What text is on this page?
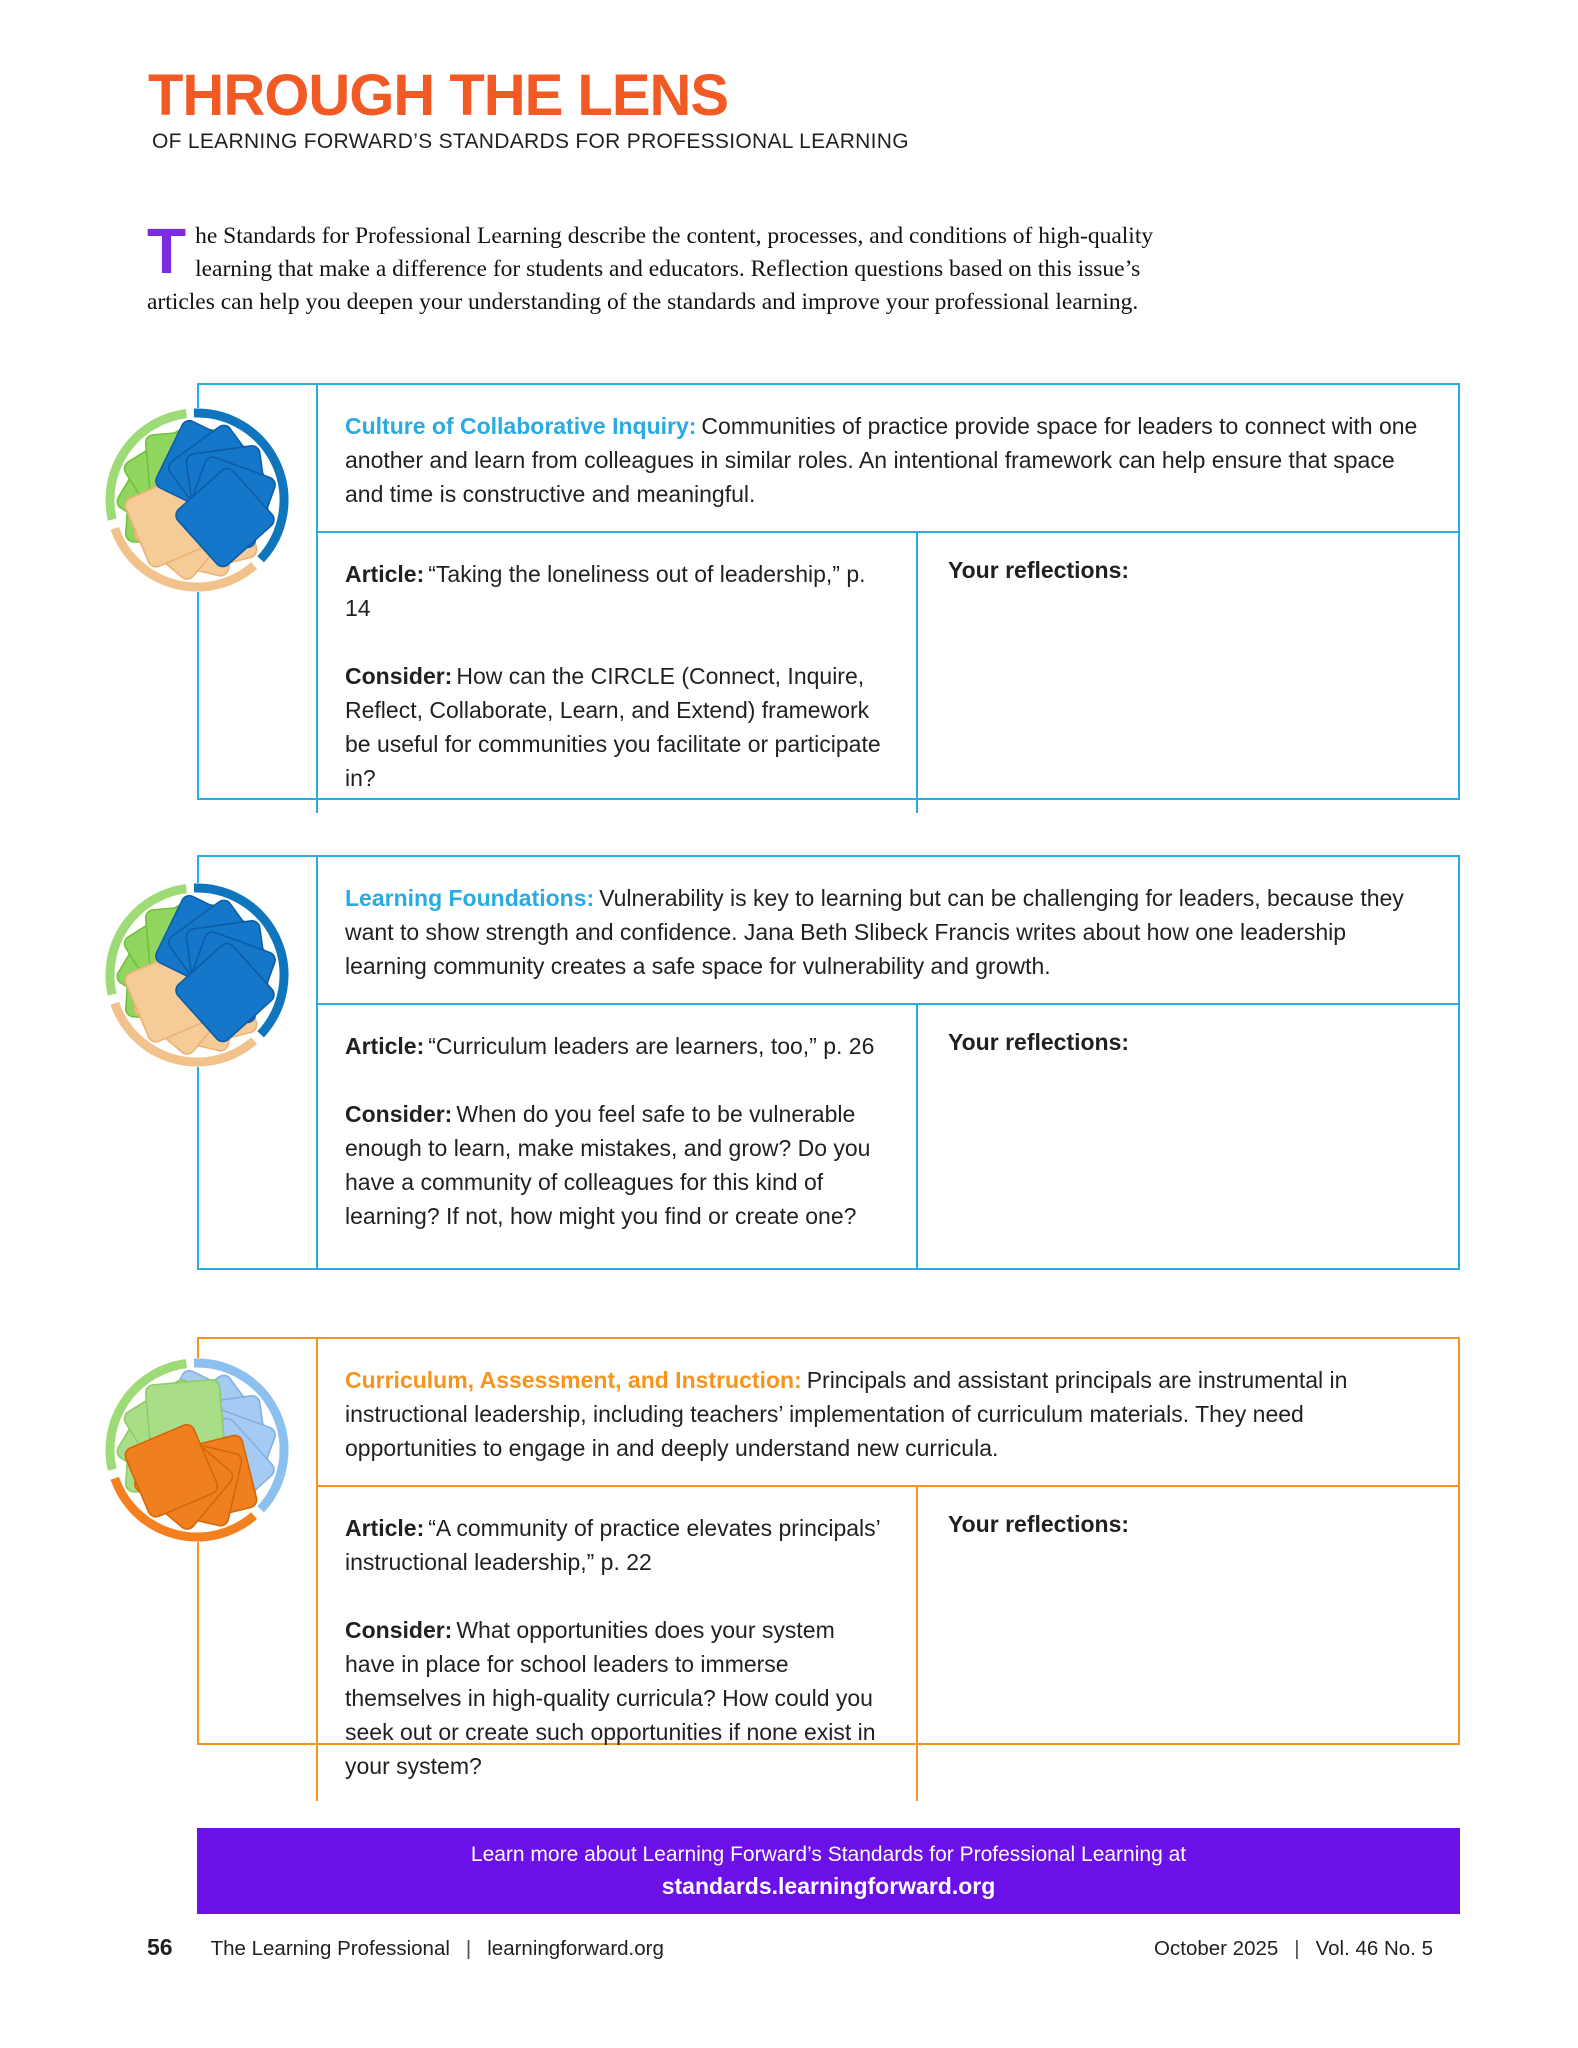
THROUGH THE LENS
OF LEARNING FORWARD’S STANDARDS FOR PROFESSIONAL LEARNING
The Standards for Professional Learning describe the content, processes, and conditions of high-quality learning that make a difference for students and educators. Reflection questions based on this issue’s articles can help you deepen your understanding of the standards and improve your professional learning.
Culture of Collaborative Inquiry: Communities of practice provide space for leaders to connect with one another and learn from colleagues in similar roles. An intentional framework can help ensure that space and time is constructive and meaningful.
Article: “Taking the loneliness out of leadership,” p. 14
Consider: How can the CIRCLE (Connect, Inquire, Reflect, Collaborate, Learn, and Extend) framework be useful for communities you facilitate or participate in?
Your reflections:
Learning Foundations: Vulnerability is key to learning but can be challenging for leaders, because they want to show strength and confidence. Jana Beth Slibeck Francis writes about how one leadership learning community creates a safe space for vulnerability and growth.
Article: “Curriculum leaders are learners, too,” p. 26
Consider: When do you feel safe to be vulnerable enough to learn, make mistakes, and grow? Do you have a community of colleagues for this kind of learning? If not, how might you find or create one?
Your reflections:
Curriculum, Assessment, and Instruction: Principals and assistant principals are instrumental in instructional leadership, including teachers’ implementation of curriculum materials. They need opportunities to engage in and deeply understand new curricula.
Article: “A community of practice elevates principals’ instructional leadership,” p. 22
Consider: What opportunities does your system have in place for school leaders to immerse themselves in high-quality curricula? How could you seek out or create such opportunities if none exist in your system?
Your reflections:
Learn more about Learning Forward’s Standards for Professional Learning at
standards.learningforward.org
56 The Learning Professional | learningforward.org	October 2025 | Vol. 46 No. 5
